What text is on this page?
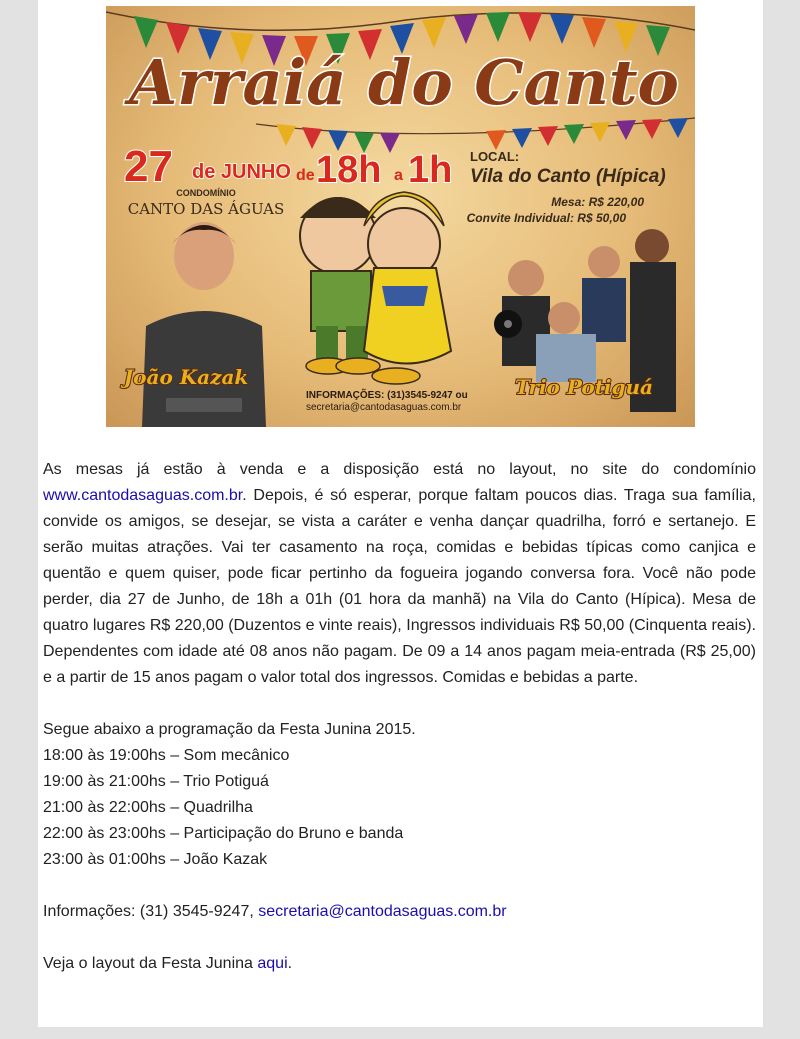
Arraiá do Canto
27 de JUNHO de 18h a 1h LOCAL:
Vila do Canto (Hípica)
CONDOMÍNIO
CANTO DAS ÁGUAS	Mesa: R$ 220,00
Convite Individual: R$ 50,00
João Kazak	Trio Potiguá
INFORMAÇÕES: (31)3545-9247 ou
secretaria@cantodasaguas.com.br

As mesas já estão à venda e a disposição está no layout, no site do condomínio www.cantodasaguas.com.br. Depois, é só esperar, porque faltam poucos dias. Traga sua família, convide os amigos, se desejar, se vista a caráter e venha dançar quadrilha, forró e sertanejo. E serão muitas atrações. Vai ter casamento na roça, comidas e bebidas típicas como canjica e quentão e quem quiser, pode ficar pertinho da fogueira jogando conversa fora. Você não pode perder, dia 27 de Junho, de 18h a 01h (01 hora da manhã) na Vila do Canto (Hípica). Mesa de quatro lugares R$ 220,00 (Duzentos e vinte reais), Ingressos individuais R$ 50,00 (Cinquenta reais). Dependentes com idade até 08 anos não pagam. De 09 a 14 anos pagam meia-entrada (R$ 25,00) e a partir de 15 anos pagam o valor total dos ingressos. Comidas e bebidas a parte.

Segue abaixo a programação da Festa Junina 2015.

18:00 às 19:00hs – Som mecânico

19:00 às 21:00hs – Trio Potiguá

21:00 às 22:00hs – Quadrilha

22:00 às 23:00hs – Participação do Bruno e banda

23:00 às 01:00hs – João Kazak

Informações: (31) 3545-9247, secretaria@cantodasaguas.com.br

Veja o layout da Festa Junina aqui.
